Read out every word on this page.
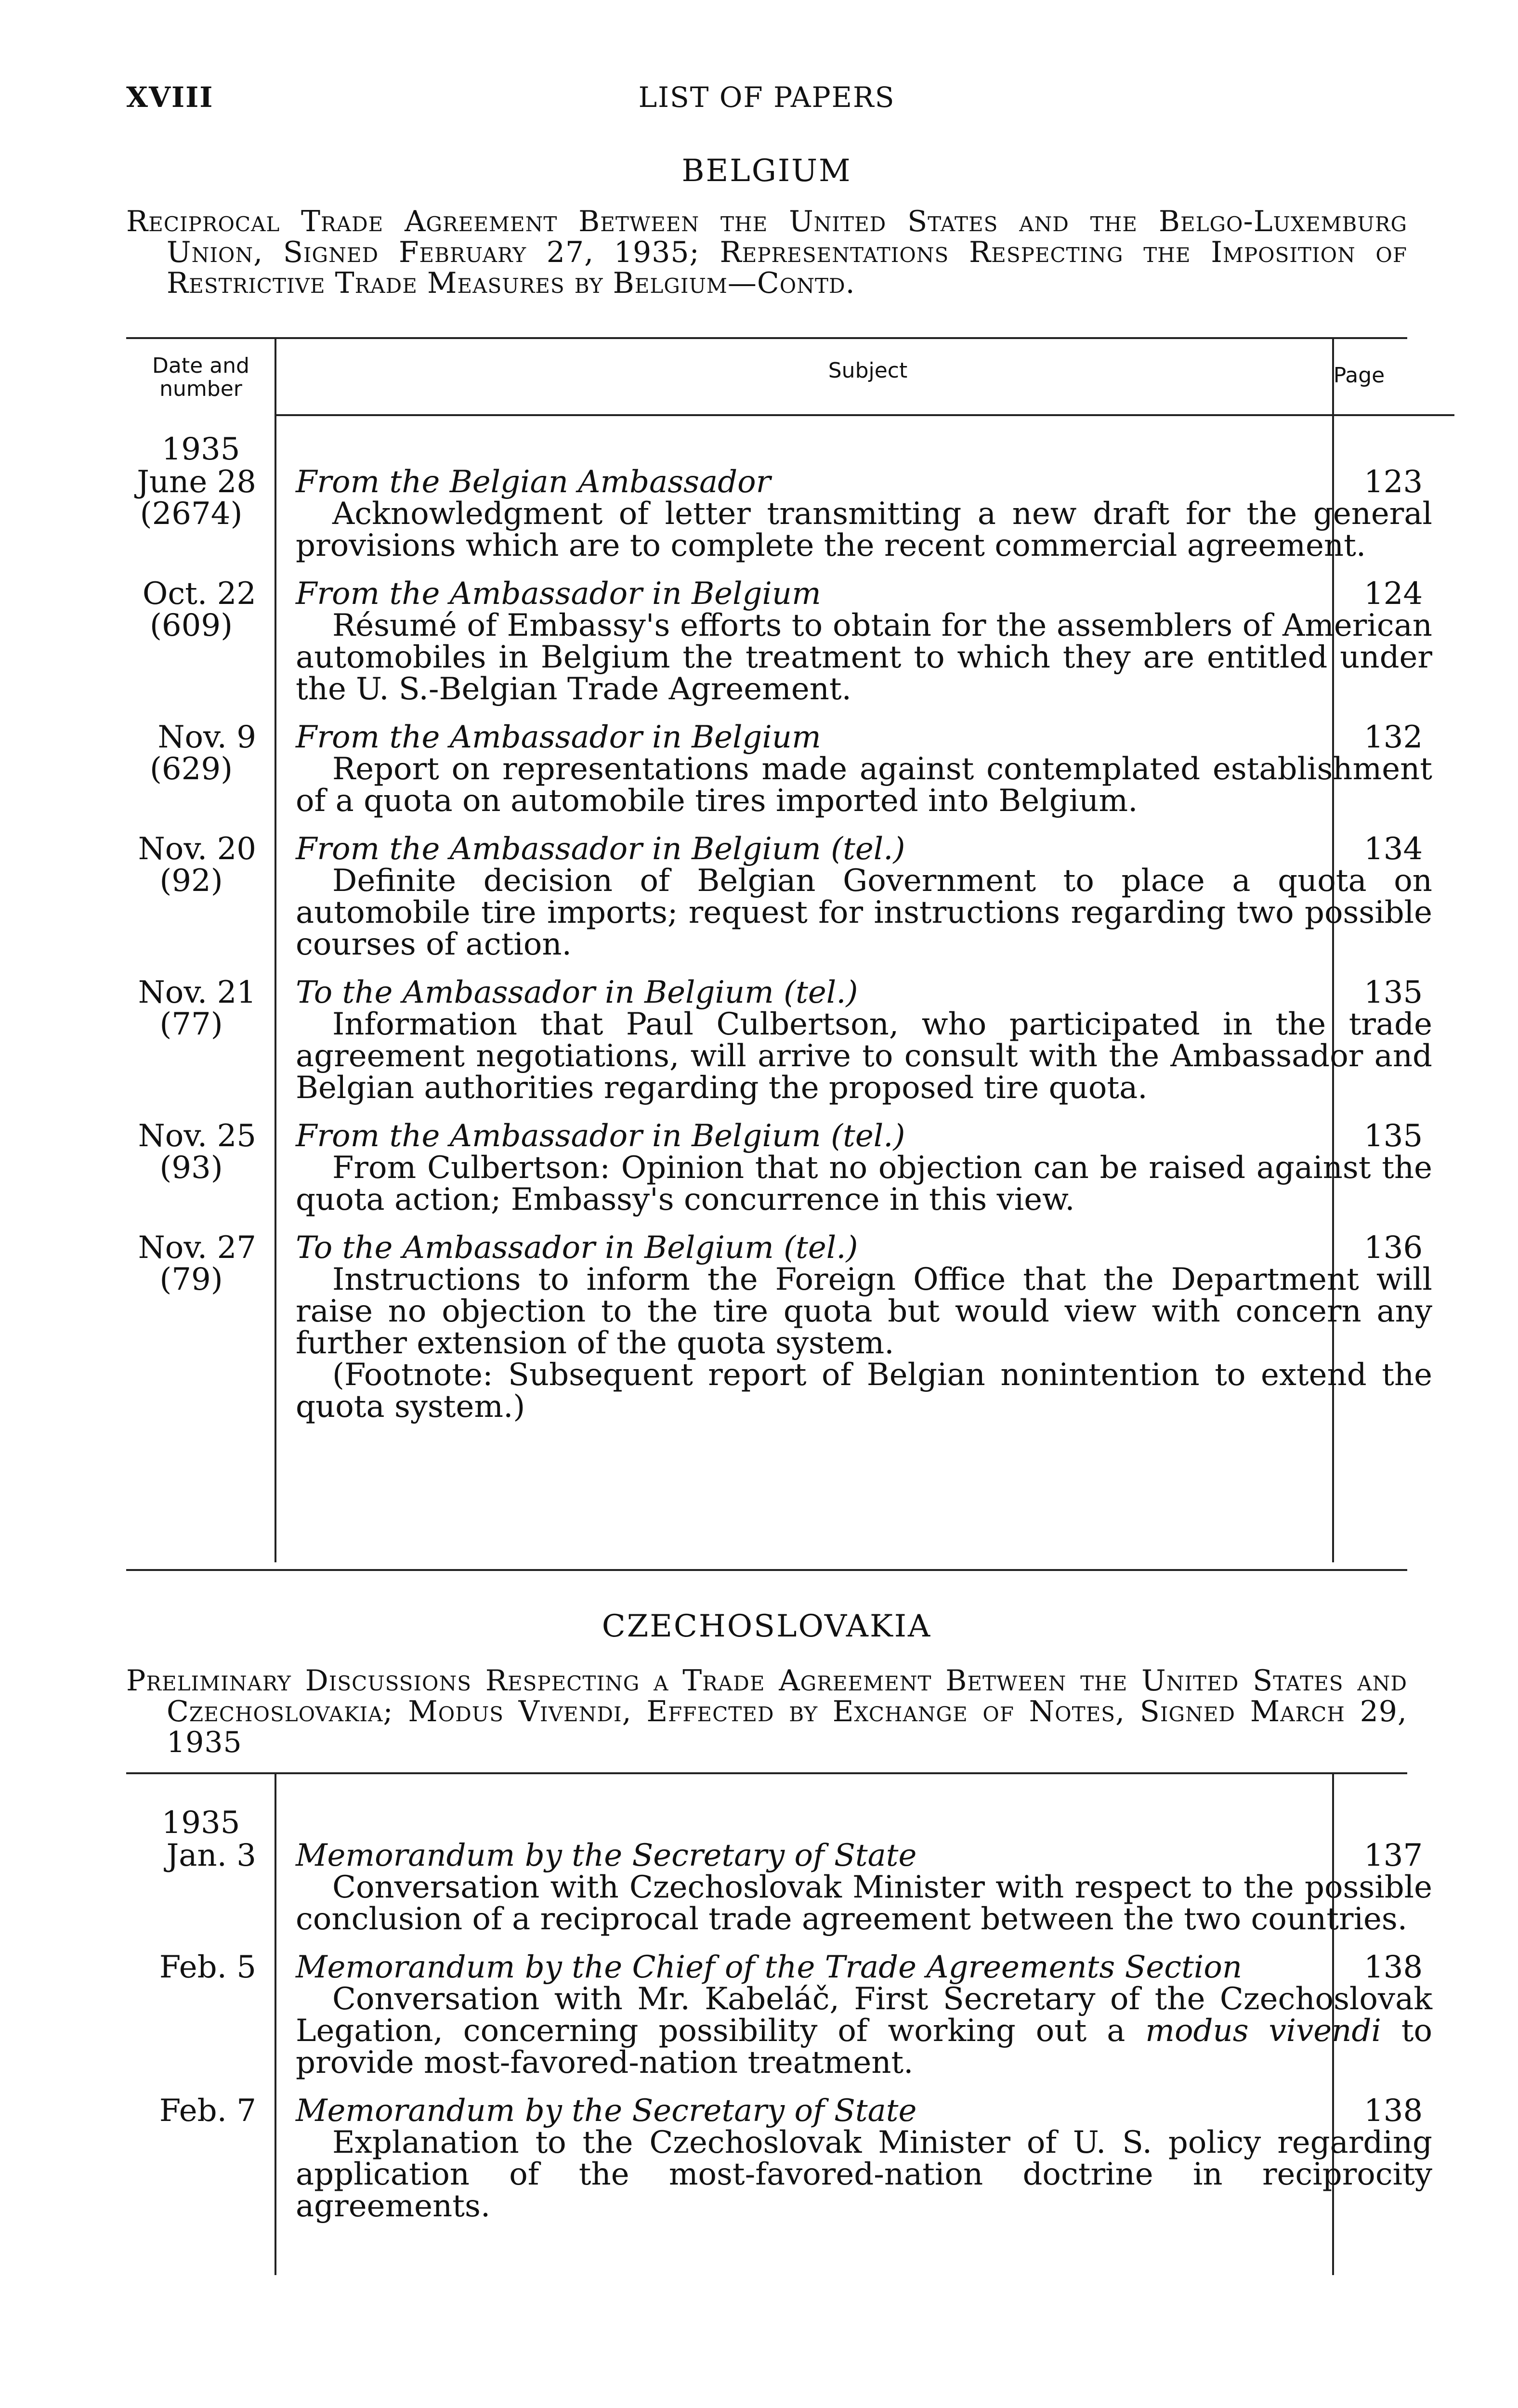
XVIII	LIST OF PAPERS
BELGIUM
Reciprocal Trade Agreement Between the United States and the Belgo-Luxemburg Union, Signed February 27, 1935; Representations Respecting the Imposition of Restrictive Trade Measures by Belgium—Contd.
Date and number
Subject	Page
1935
June 28
(2674)
From the Belgian Ambassador
Acknowledgment of letter transmitting a new draft for the general provisions which are to complete the recent commercial agreement.
123
Oct. 22
(609)
From the Ambassador in Belgium
Résumé of Embassy's efforts to obtain for the assemblers of American automobiles in Belgium the treatment to which they are entitled under the U. S.-Belgian Trade Agreement.
124
Nov. 9
(629)
From the Ambassador in Belgium
Report on representations made against contemplated establishment of a quota on automobile tires imported into Belgium.
132
Nov. 20
(92)
From the Ambassador in Belgium (tel.)
Definite decision of Belgian Government to place a quota on automobile tire imports; request for instructions regarding two possible courses of action.
134
Nov. 21
(77)
To the Ambassador in Belgium (tel.)
Information that Paul Culbertson, who participated in the trade agreement negotiations, will arrive to consult with the Ambassador and Belgian authorities regarding the proposed tire quota.
135
Nov. 25
(93)
From the Ambassador in Belgium (tel.)
From Culbertson: Opinion that no objection can be raised against the quota action; Embassy's concurrence in this view.
135
Nov. 27
(79)
To the Ambassador in Belgium (tel.)
Instructions to inform the Foreign Office that the Department will raise no objection to the tire quota but would view with concern any further extension of the quota system.
(Footnote: Subsequent report of Belgian nonintention to extend the quota system.)
136
CZECHOSLOVAKIA
Preliminary Discussions Respecting a Trade Agreement Between the United States and Czechoslovakia; Modus Vivendi, Effected by Exchange of Notes, Signed March 29, 1935
1935
Jan. 3 Memorandum by the Secretary of State
Conversation with Czechoslovak Minister with respect to the possible conclusion of a reciprocal trade agreement between the two countries.
137
Feb. 5 Memorandum by the Chief of the Trade Agreements Section
Conversation with Mr. Kabeláč, First Secretary of the Czechoslovak Legation, concerning possibility of working out a modus vivendi to provide most-favored-nation treatment.
138
Feb. 7 Memorandum by the Secretary of State
Explanation to the Czechoslovak Minister of U. S. policy regarding application of the most-favored-nation doctrine in reciprocity agreements.
138
